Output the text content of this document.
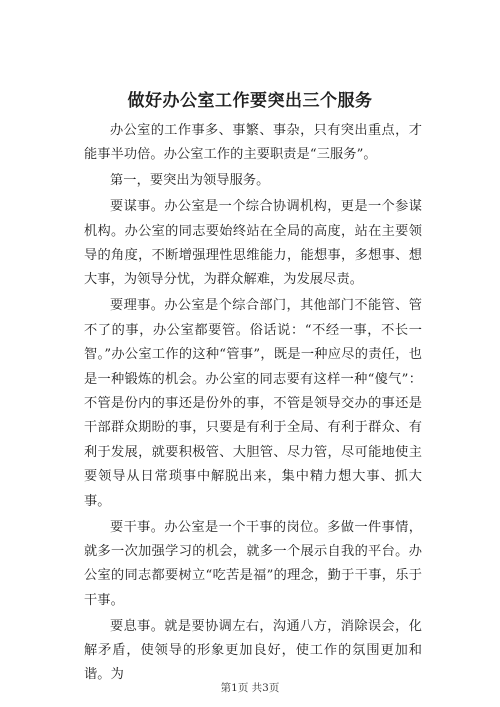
做好办公室工作要突出三个服务

办公室的工作事多、事繁、事杂，只有突出重点，才能事半功倍。办公室工作的主要职责是“三服务”。

第一，要突出为领导服务。

要谋事。办公室是一个综合协调机构，更是一个参谋机构。办公室的同志要始终站在全局的高度，站在主要领导的角度，不断增强理性思维能力，能想事，多想事、想大事，为领导分忧，为群众解难，为发展尽责。

要理事。办公室是个综合部门，其他部门不能管、管不了的事，办公室都要管。俗话说：“不经一事，不长一智。”办公室工作的这种“管事”，既是一种应尽的责任，也是一种锻炼的机会。办公室的同志要有这样一种“傻气”：不管是份内的事还是份外的事，不管是领导交办的事还是干部群众期盼的事，只要是有利于全局、有利于群众、有利于发展，就要积极管、大胆管、尽力管，尽可能地使主要领导从日常琐事中解脱出来，集中精力想大事、抓大事。

要干事。办公室是一个干事的岗位。多做一件事情，就多一次加强学习的机会，就多一个展示自我的平台。办公室的同志都要树立“吃苦是福”的理念，勤于干事，乐于干事。

要息事。就是要协调左右，沟通八方，消除误会，化解矛盾，使领导的形象更加良好，使工作的氛围更加和谐。为

第1页 共3页
